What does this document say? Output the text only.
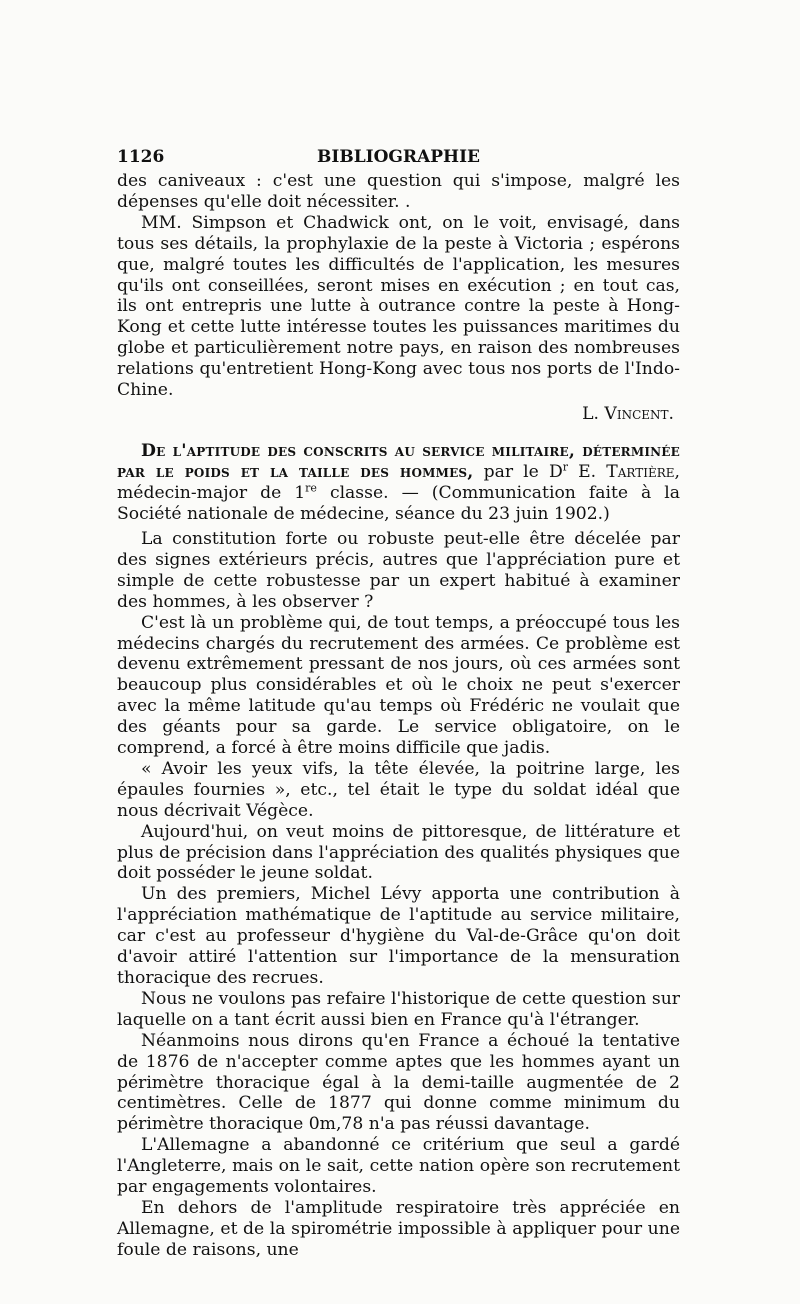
1126	BIBLIOGRAPHIE

des caniveaux : c'est une question qui s'impose, malgré les dépenses qu'elle doit nécessiter. .

MM. Simpson et Chadwick ont, on le voit, envisagé, dans tous ses détails, la prophylaxie de la peste à Victoria ; espérons que, malgré toutes les difficultés de l'application, les mesures qu'ils ont conseillées, seront mises en exécution ; en tout cas, ils ont entrepris une lutte à outrance contre la peste à Hong-Kong et cette lutte intéresse toutes les puissances maritimes du globe et particulièrement notre pays, en raison des nombreuses relations qu'entretient Hong-Kong avec tous nos ports de l'Indo-Chine.

L. Vincent.

De l'aptitude des conscrits au service militaire, déterminée par le poids et la taille des hommes, par le $D^r$ E. Tartière, médecin-major de 1re classe. — (Communication faite à la Société nationale de médecine, séance du 23 juin 1902.)

La constitution forte ou robuste peut-elle être décelée par des signes extérieurs précis, autres que l'appréciation pure et simple de cette robustesse par un expert habitué à examiner des hommes, à les observer ?

C'est là un problème qui, de tout temps, a préoccupé tous les médecins chargés du recrutement des armées. Ce problème est devenu extrêmement pressant de nos jours, où ces armées sont beaucoup plus considérables et où le choix ne peut s'exercer avec la même latitude qu'au temps où Frédéric ne voulait que des géants pour sa garde. Le service obligatoire, on le comprend, a forcé à être moins difficile que jadis.

« Avoir les yeux vifs, la tête élevée, la poitrine large, les épaules fournies », etc., tel était le type du soldat idéal que nous décrivait Végèce.

Aujourd'hui, on veut moins de pittoresque, de littérature et plus de précision dans l'appréciation des qualités physiques que doit posséder le jeune soldat.

Un des premiers, Michel Lévy apporta une contribution à l'appréciation mathématique de l'aptitude au service militaire, car c'est au professeur d'hygiène du Val-de-Grâce qu'on doit d'avoir attiré l'attention sur l'importance de la mensuration thoracique des recrues.

Nous ne voulons pas refaire l'historique de cette question sur laquelle on a tant écrit aussi bien en France qu'à l'étranger.

Néanmoins nous dirons qu'en France a échoué la tentative de 1876 de n'accepter comme aptes que les hommes ayant un périmètre thoracique égal à la demi-taille augmentée de 2 centimètres. Celle de 1877 qui donne comme minimum du périmètre thoracique 0m,78 n'a pas réussi davantage.

L'Allemagne a abandonné ce critérium que seul a gardé l'Angleterre, mais on le sait, cette nation opère son recrutement par engagements volontaires.

En dehors de l'amplitude respiratoire très appréciée en Allemagne, et de la spirométrie impossible à appliquer pour une foule de raisons, une
